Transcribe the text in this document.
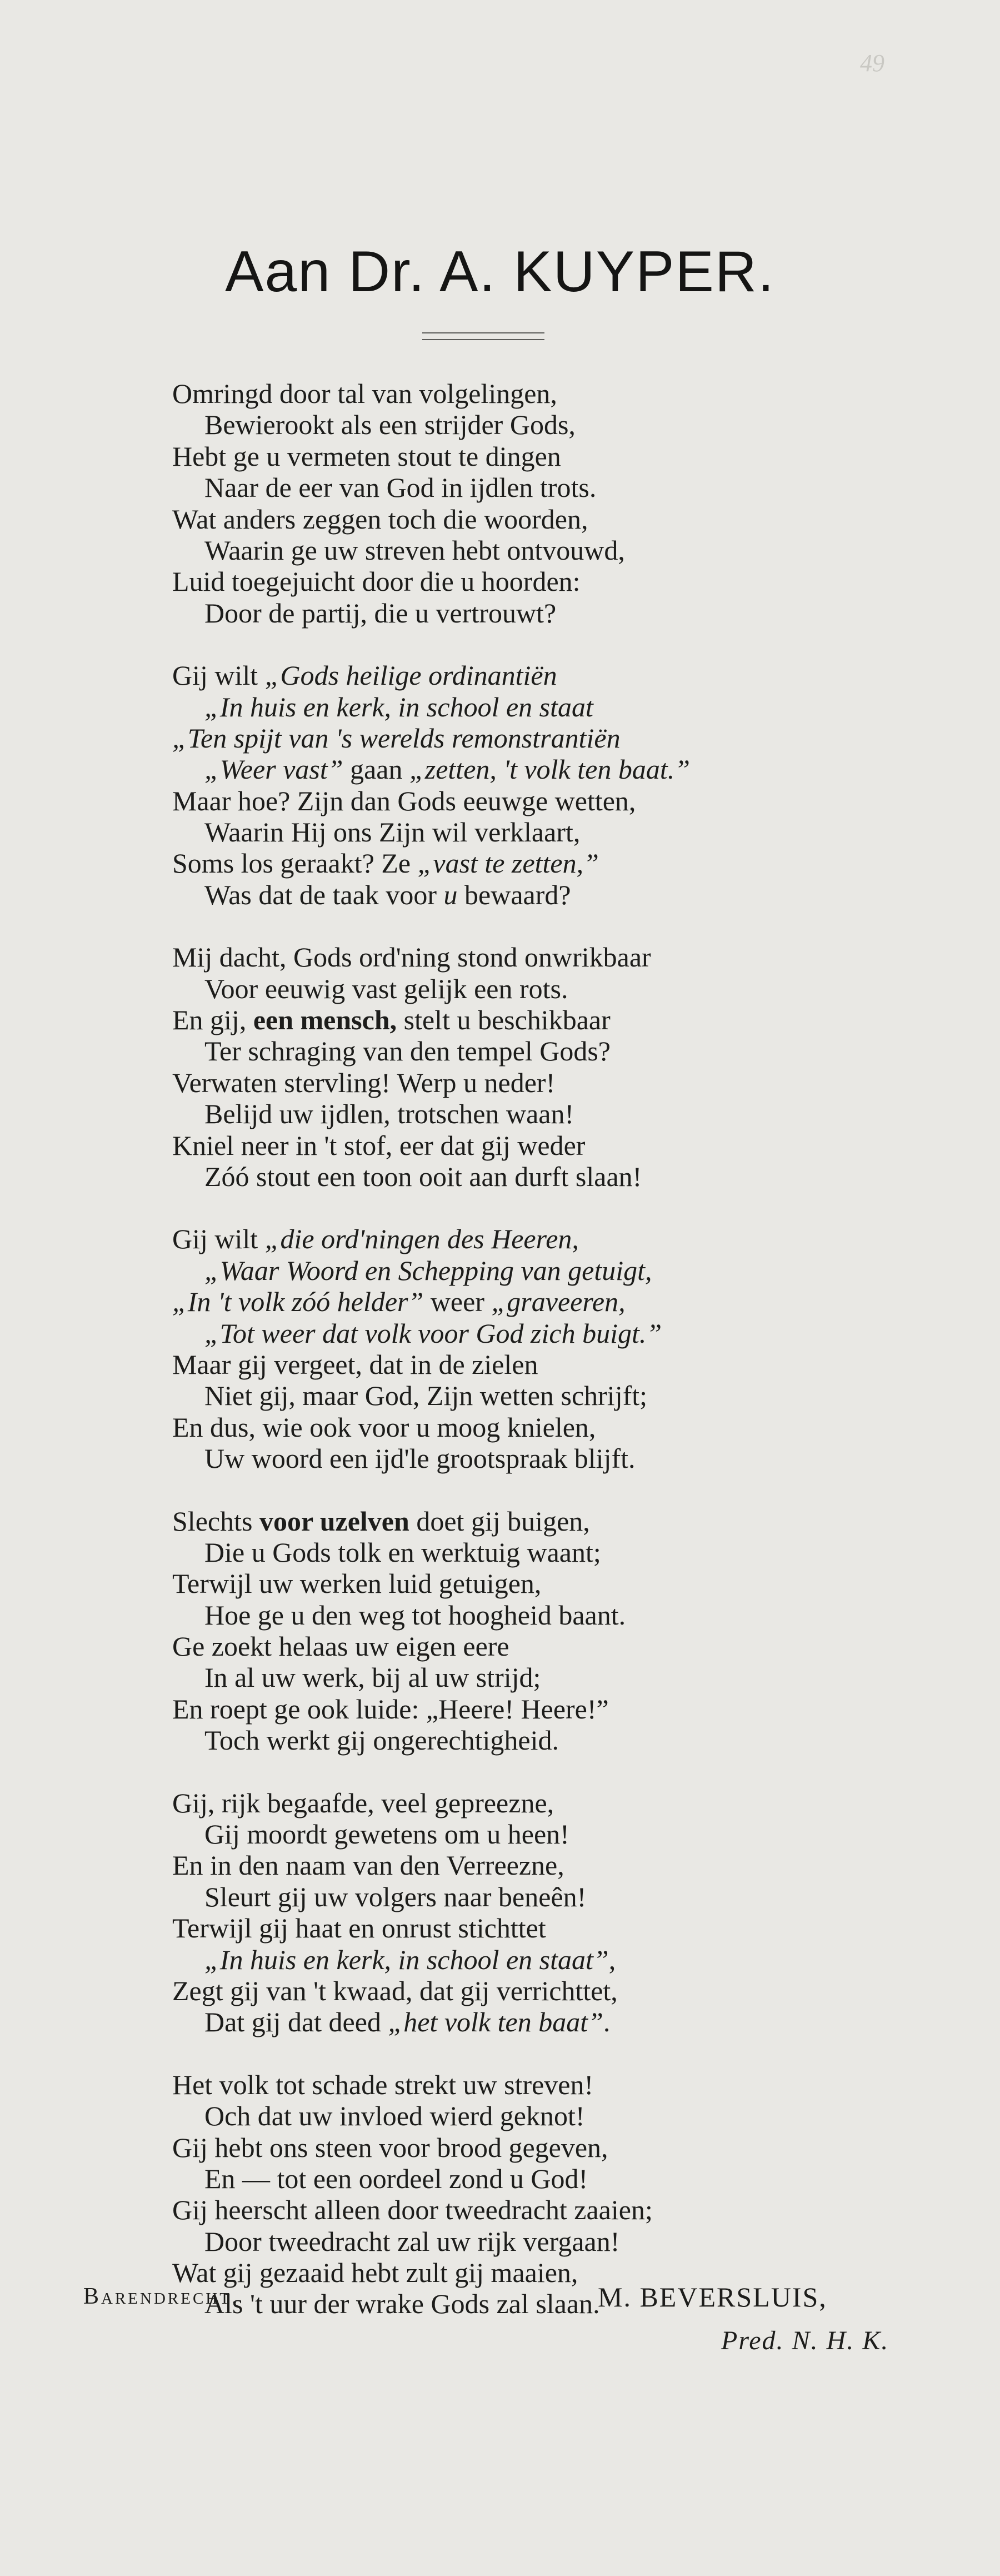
49
Aan Dr. A. KUYPER.
Omringd door tal van volgelingen,
Bewierookt als een strijder Gods,
Hebt ge u vermeten stout te dingen
Naar de eer van God in ijdlen trots.
Wat anders zeggen toch die woorden,
Waarin ge uw streven hebt ontvouwd,
Luid toegejuicht door die u hoorden:
Door de partij, die u vertrouwt?
Gij wilt „Gods heilige ordinantiën
„In huis en kerk, in school en staat
„Ten spijt van 's werelds remonstrantiën
„Weer vast” gaan „zetten, 't volk ten baat.”
Maar hoe? Zijn dan Gods eeuwge wetten,
Waarin Hij ons Zijn wil verklaart,
Soms los geraakt? Ze „vast te zetten,”
Was dat de taak voor u bewaard?
Mij dacht, Gods ord'ning stond onwrikbaar
Voor eeuwig vast gelijk een rots.
En gij, een mensch, stelt u beschikbaar
Ter schraging van den tempel Gods?
Verwaten stervling! Werp u neder!
Belijd uw ijdlen, trotschen waan!
Kniel neer in 't stof, eer dat gij weder
Zóó stout een toon ooit aan durft slaan!
Gij wilt „die ord'ningen des Heeren,
„Waar Woord en Schepping van getuigt,
„In 't volk zóó helder” weer „graveeren,
„Tot weer dat volk voor God zich buigt.”
Maar gij vergeet, dat in de zielen
Niet gij, maar God, Zijn wetten schrijft;
En dus, wie ook voor u moog knielen,
Uw woord een ijd'le grootspraak blijft.
Slechts voor uzelven doet gij buigen,
Die u Gods tolk en werktuig waant;
Terwijl uw werken luid getuigen,
Hoe ge u den weg tot hoogheid baant.
Ge zoekt helaas uw eigen eere
In al uw werk, bij al uw strijd;
En roept ge ook luide: „Heere! Heere!”
Toch werkt gij ongerechtigheid.
Gij, rijk begaafde, veel gepreezne,
Gij moordt gewetens om u heen!
En in den naam van den Verreezne,
Sleurt gij uw volgers naar beneên!
Terwijl gij haat en onrust stichttet
„In huis en kerk, in school en staat”,
Zegt gij van 't kwaad, dat gij verrichttet,
Dat gij dat deed „het volk ten baat”.
Het volk tot schade strekt uw streven!
Och dat uw invloed wierd geknot!
Gij hebt ons steen voor brood gegeven,
En — tot een oordeel zond u God!
Gij heerscht alleen door tweedracht zaaien;
Door tweedracht zal uw rijk vergaan!
Wat gij gezaaid hebt zult gij maaien,
Als 't uur der wrake Gods zal slaan.
Barendrecht.	M. BEVERSLUIS,
Pred. N. H. K.
